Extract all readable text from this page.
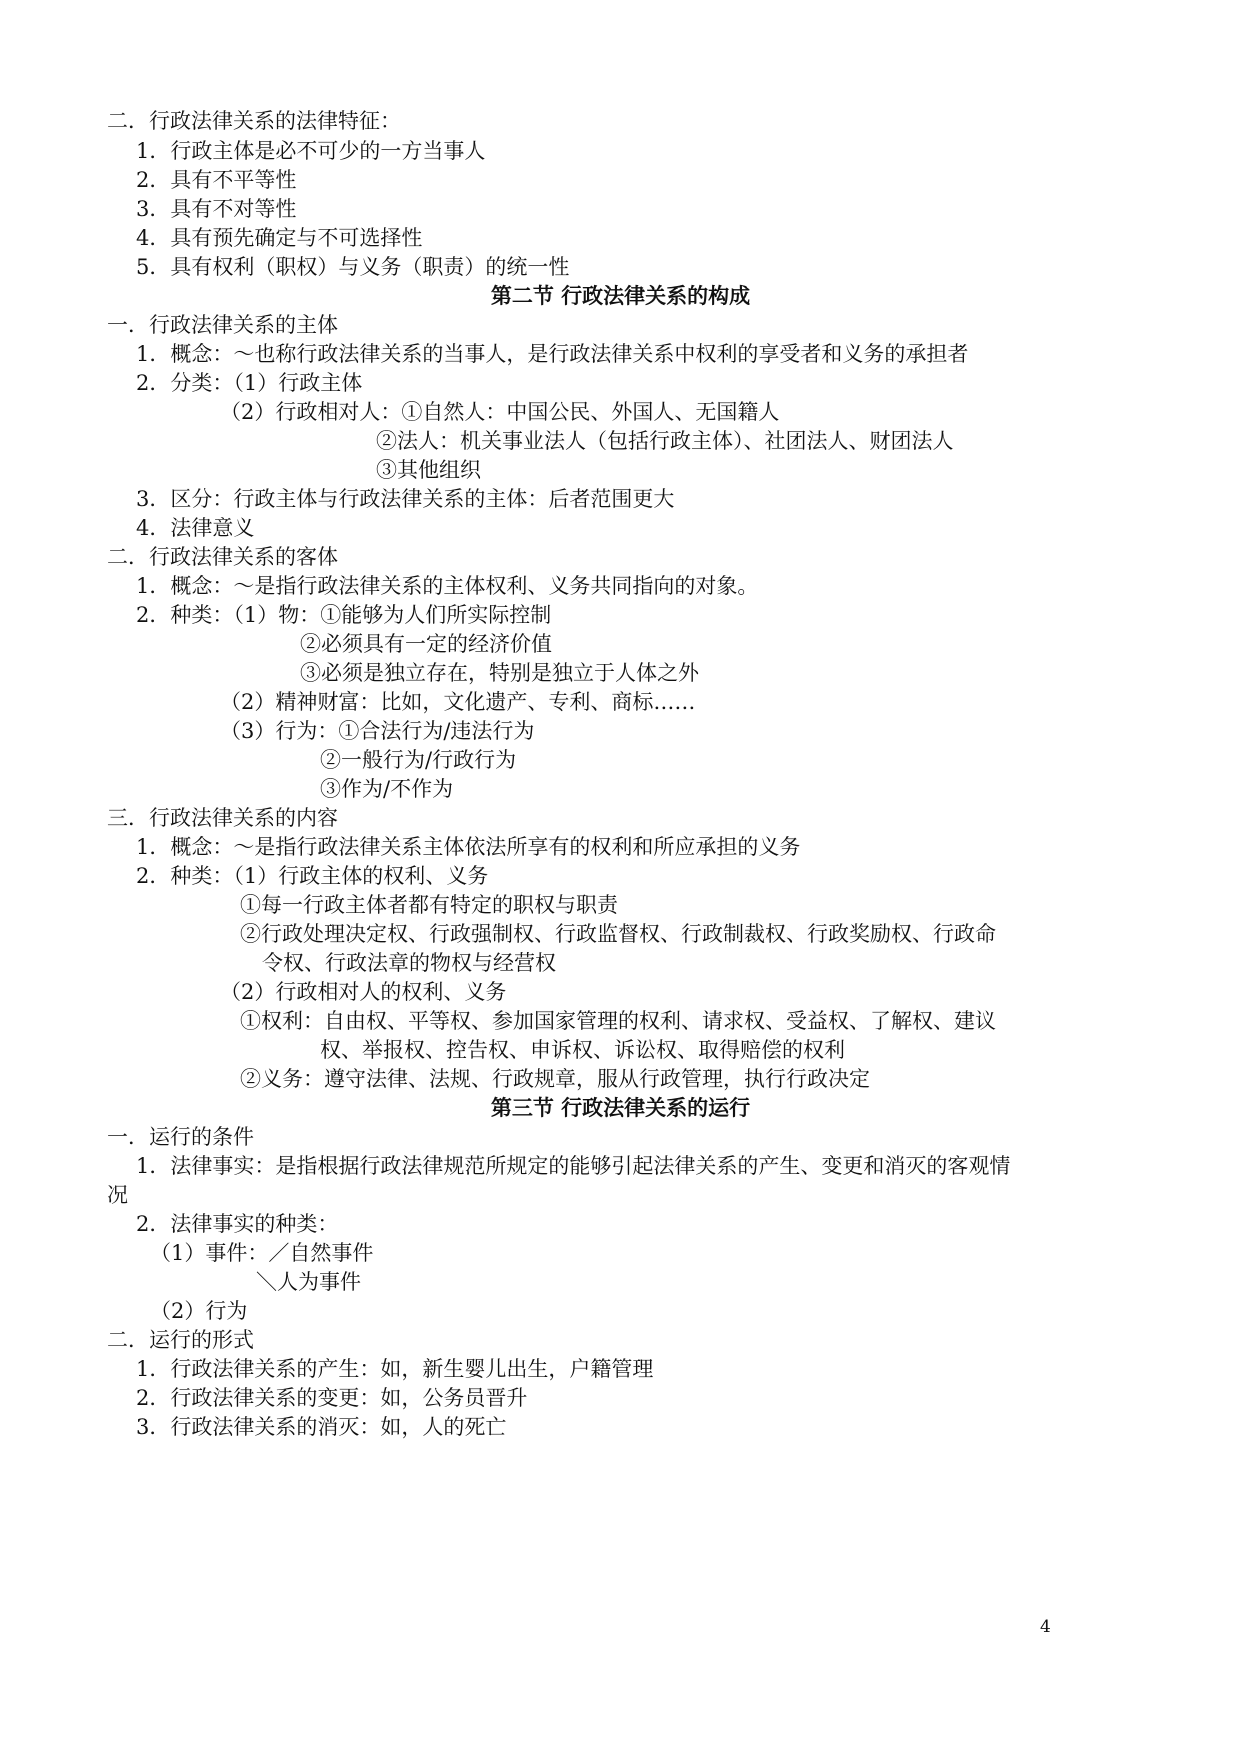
二．行政法律关系的法律特征：
1．行政主体是必不可少的一方当事人
2．具有不平等性
3．具有不对等性
4．具有预先确定与不可选择性
5．具有权利（职权）与义务（职责）的统一性
第二节 行政法律关系的构成
一．行政法律关系的主体
1．概念：～也称行政法律关系的当事人，是行政法律关系中权利的享受者和义务的承担者
2．分类：（1）行政主体
（2）行政相对人：①自然人：中国公民、外国人、无国籍人
②法人：机关事业法人（包括行政主体）、社团法人、财团法人
③其他组织
3．区分：行政主体与行政法律关系的主体：后者范围更大
4．法律意义
二．行政法律关系的客体
1．概念：～是指行政法律关系的主体权利、义务共同指向的对象。
2．种类：（1）物：①能够为人们所实际控制
②必须具有一定的经济价值
③必须是独立存在，特别是独立于人体之外
（2）精神财富：比如，文化遗产、专利、商标……
（3）行为：①合法行为/违法行为
②一般行为/行政行为
③作为/不作为
三．行政法律关系的内容
1．概念：～是指行政法律关系主体依法所享有的权利和所应承担的义务
2．种类：（1）行政主体的权利、义务
①每一行政主体者都有特定的职权与职责
②行政处理决定权、行政强制权、行政监督权、行政制裁权、行政奖励权、行政命
令权、行政法章的物权与经营权
（2）行政相对人的权利、义务
①权利：自由权、平等权、参加国家管理的权利、请求权、受益权、了解权、建议
权、举报权、控告权、申诉权、诉讼权、取得赔偿的权利
②义务：遵守法律、法规、行政规章，服从行政管理，执行行政决定
第三节 行政法律关系的运行
一．运行的条件
1．法律事实：是指根据行政法律规范所规定的能够引起法律关系的产生、变更和消灭的客观情
况
2．法律事实的种类：
（1）事件：／自然事件
＼人为事件
（2）行为
二．运行的形式
1．行政法律关系的产生：如，新生婴儿出生，户籍管理
2．行政法律关系的变更：如，公务员晋升
3．行政法律关系的消灭：如，人的死亡
4
